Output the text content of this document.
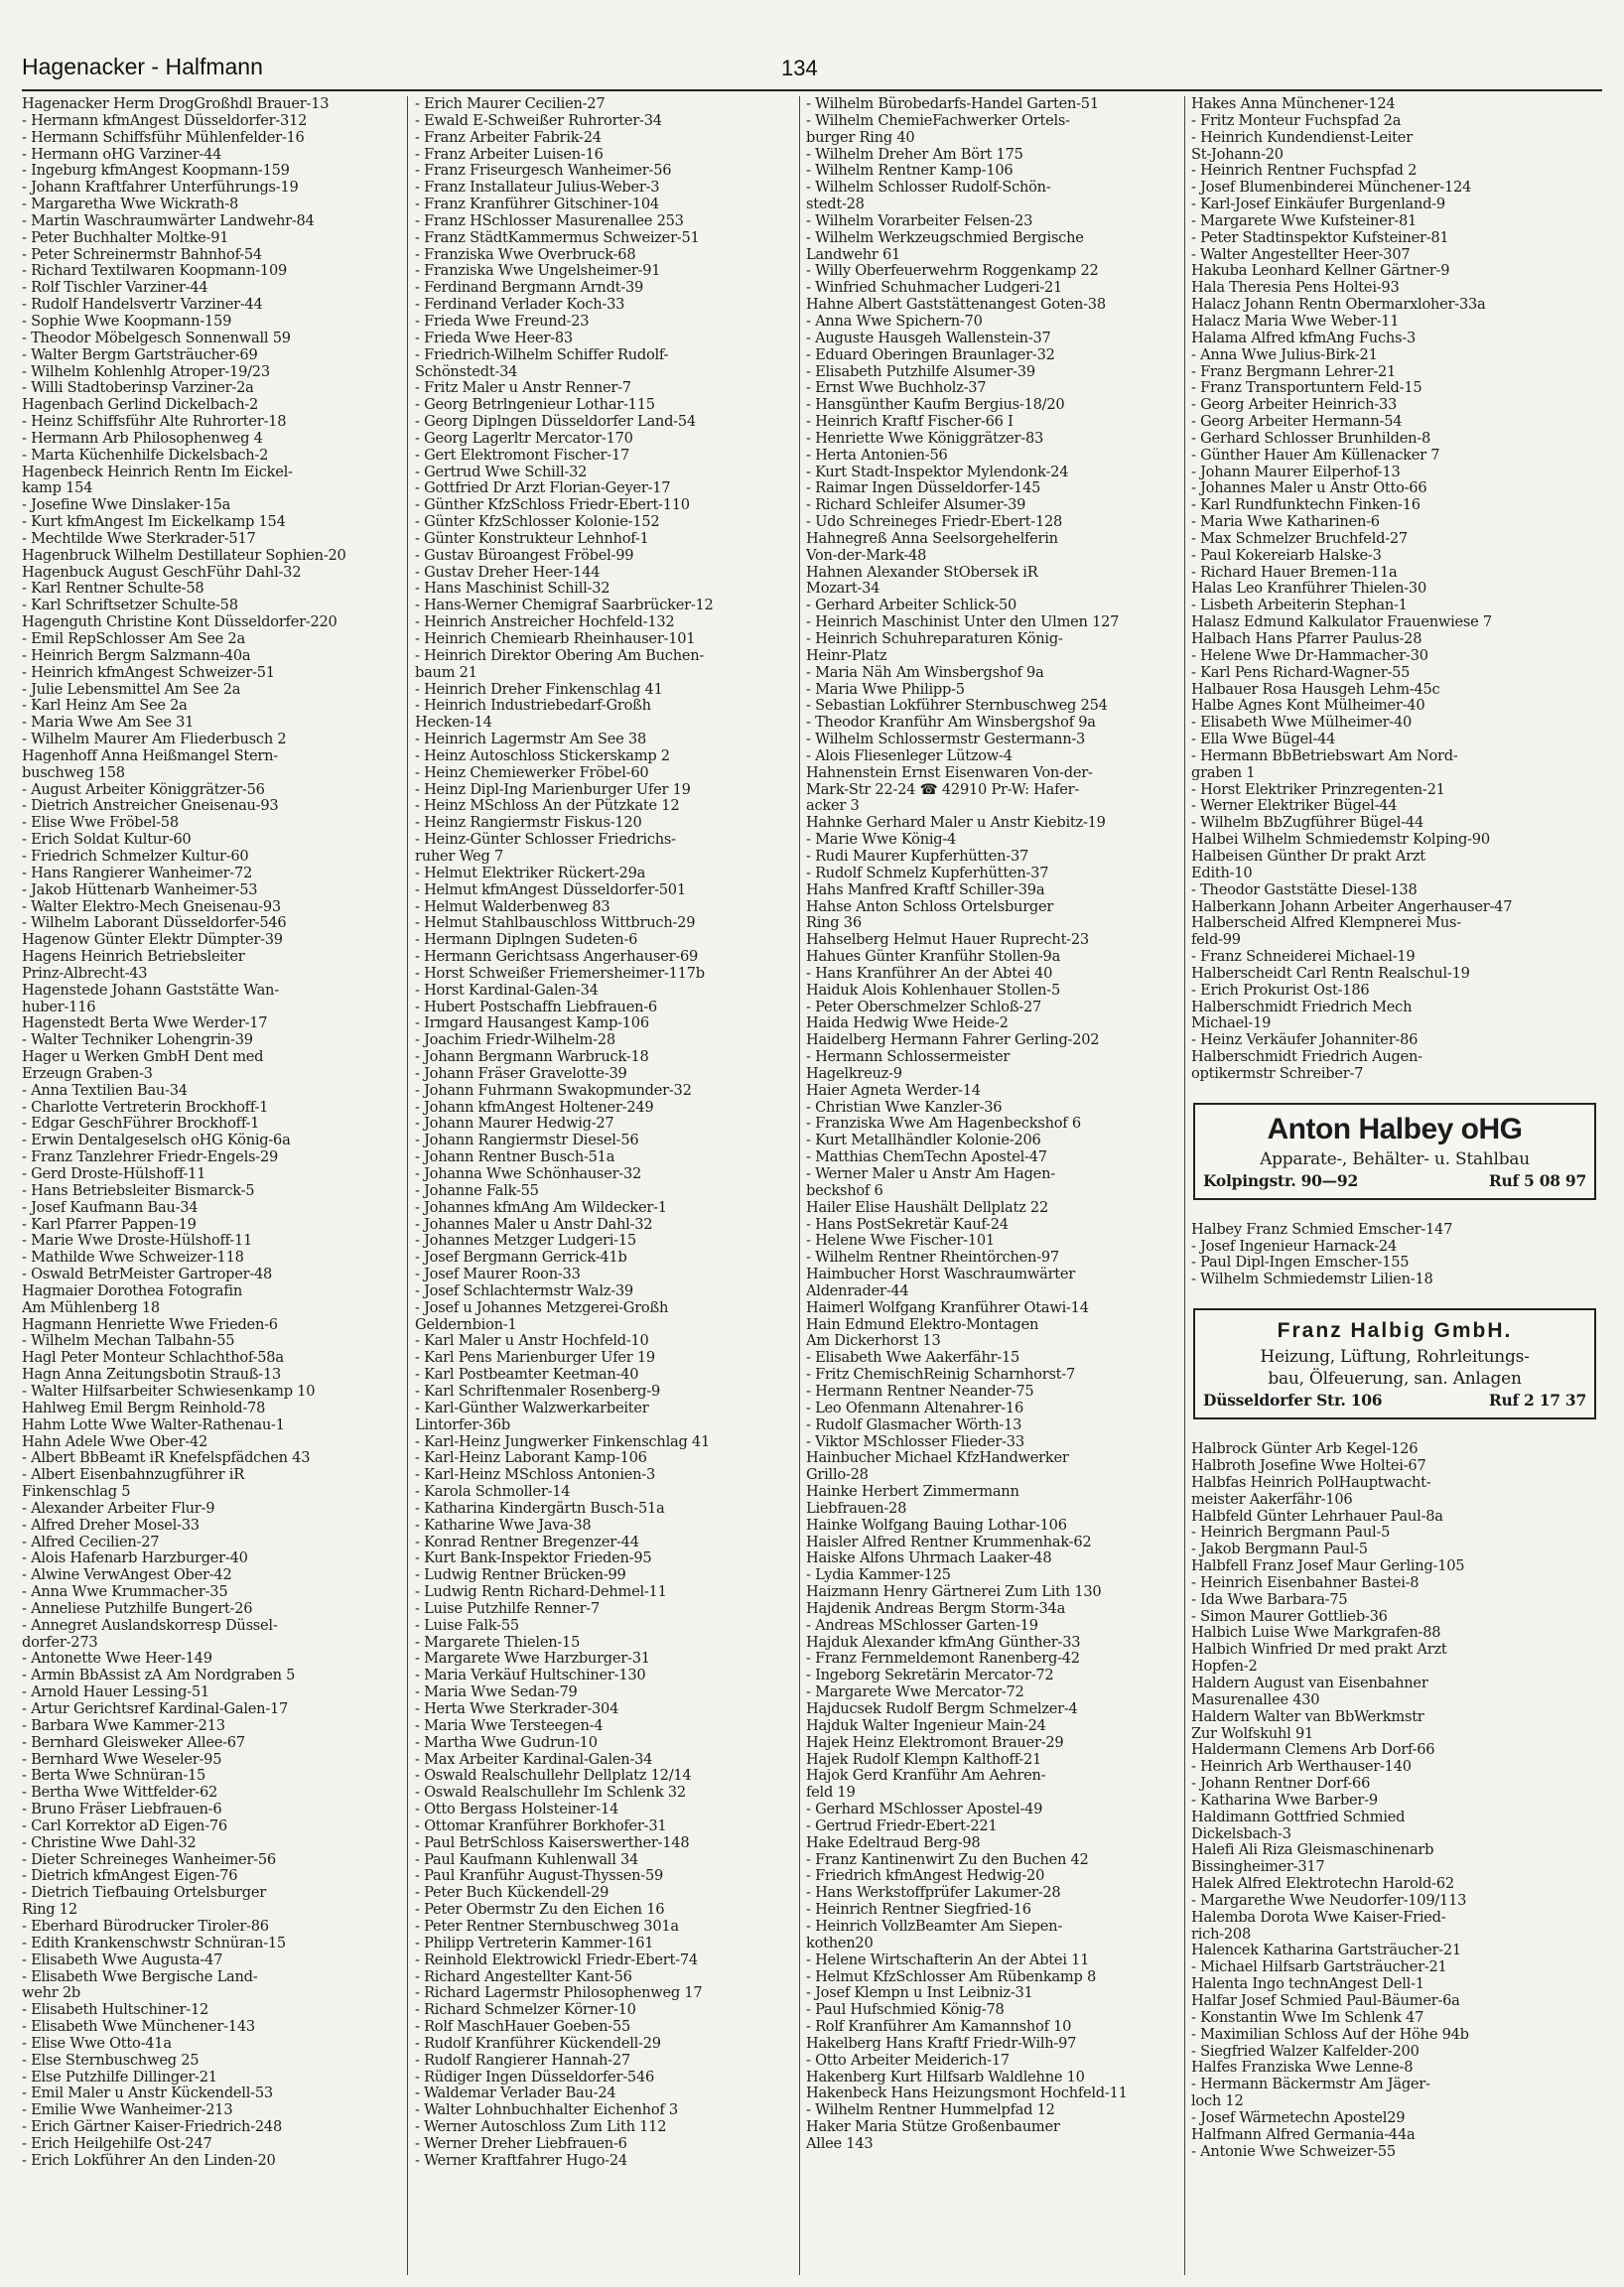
Hagenacker - Halfmann	134
Hagenacker Herm DrogGroßhdl Brauer-13
- Hermann kfmAngest Düsseldorfer-312
- Hermann Schiffsführ Mühlenfelder-16
- Hermann oHG Varziner-44
- Ingeburg kfmAngest Koopmann-159
- Johann Kraftfahrer Unterführungs-19
- Margaretha Wwe Wickrath-8
- Martin Waschraumwärter Landwehr-84
- Peter Buchhalter Moltke-91
- Peter Schreinermstr Bahnhof-54
- Richard Textilwaren Koopmann-109
- Rolf Tischler Varziner-44
- Rudolf Handelsvertr Varziner-44
- Sophie Wwe Koopmann-159
- Theodor Möbelgesch Sonnenwall 59
- Walter Bergm Gartsträucher-69
- Wilhelm Kohlenhlg Atroper-19/23
- Willi Stadtoberinsp Varziner-2a
Hagenbach Gerlind Dickelbach-2
- Heinz Schiffsführ Alte Ruhrorter-18
- Hermann Arb Philosophenweg 4
- Marta Küchenhilfe Dickelsbach-2
Hagenbeck Heinrich Rentn Im Eickel-
kamp 154
- Josefine Wwe Dinslaker-15a
- Kurt kfmAngest Im Eickelkamp 154
- Mechtilde Wwe Sterkrader-517
Hagenbruck Wilhelm Destillateur Sophien-20
Hagenbuck August GeschFühr Dahl-32
- Karl Rentner Schulte-58
- Karl Schriftsetzer Schulte-58
Hagenguth Christine Kont Düsseldorfer-220
- Emil RepSchlosser Am See 2a
- Heinrich Bergm Salzmann-40a
- Heinrich kfmAngest Schweizer-51
- Julie Lebensmittel Am See 2a
- Karl Heinz Am See 2a
- Maria Wwe Am See 31
- Wilhelm Maurer Am Fliederbusch 2
Hagenhoff Anna Heißmangel Stern-
buschweg 158
- August Arbeiter Königgrätzer-56
- Dietrich Anstreicher Gneisenau-93
- Elise Wwe Fröbel-58
- Erich Soldat Kultur-60
- Friedrich Schmelzer Kultur-60
- Hans Rangierer Wanheimer-72
- Jakob Hüttenarb Wanheimer-53
- Walter Elektro-Mech Gneisenau-93
- Wilhelm Laborant Düsseldorfer-546
Hagenow Günter Elektr Dümpter-39
Hagens Heinrich Betriebsleiter
Prinz-Albrecht-43
Hagenstede Johann Gaststätte Wan-
huber-116
Hagenstedt Berta Wwe Werder-17
- Walter Techniker Lohengrin-39
Hager u Werken GmbH Dent med
Erzeugn Graben-3
- Anna Textilien Bau-34
- Charlotte Vertreterin Brockhoff-1
- Edgar GeschFührer Brockhoff-1
- Erwin Dentalgeselsch oHG König-6a
- Franz Tanzlehrer Friedr-Engels-29
- Gerd Droste-Hülshoff-11
- Hans Betriebsleiter Bismarck-5
- Josef Kaufmann Bau-34
- Karl Pfarrer Pappen-19
- Marie Wwe Droste-Hülshoff-11
- Mathilde Wwe Schweizer-118
- Oswald BetrMeister Gartroper-48
Hagmaier Dorothea Fotografin
Am Mühlenberg 18
Hagmann Henriette Wwe Frieden-6
- Wilhelm Mechan Talbahn-55
Hagl Peter Monteur Schlachthof-58a
Hagn Anna Zeitungsbotin Strauß-13
- Walter Hilfsarbeiter Schwiesenkamp 10
Hahlweg Emil Bergm Reinhold-78
Hahm Lotte Wwe Walter-Rathenau-1
Hahn Adele Wwe Ober-42
- Albert BbBeamt iR Knefelspfädchen 43
- Albert Eisenbahnzugführer iR
Finkenschlag 5
- Alexander Arbeiter Flur-9
- Alfred Dreher Mosel-33
- Alfred Cecilien-27
- Alois Hafenarb Harzburger-40
- Alwine VerwAngest Ober-42
- Anna Wwe Krummacher-35
- Anneliese Putzhilfe Bungert-26
- Annegret Auslandskorresp Düssel-
dorfer-273
- Antonette Wwe Heer-149
- Armin BbAssist zA Am Nordgraben 5
- Arnold Hauer Lessing-51
- Artur Gerichtsref Kardinal-Galen-17
- Barbara Wwe Kammer-213
- Bernhard Gleisweker Allee-67
- Bernhard Wwe Weseler-95
- Berta Wwe Schnüran-15
- Bertha Wwe Wittfelder-62
- Bruno Fräser Liebfrauen-6
- Carl Korrektor aD Eigen-76
- Christine Wwe Dahl-32
- Dieter Schreineges Wanheimer-56
- Dietrich kfmAngest Eigen-76
- Dietrich Tiefbauing Ortelsburger
Ring 12
- Eberhard Bürodrucker Tiroler-86
- Edith Krankenschwstr Schnüran-15
- Elisabeth Wwe Augusta-47
- Elisabeth Wwe Bergische Land-
wehr 2b
- Elisabeth Hultschiner-12
- Elisabeth Wwe Münchener-143
- Elise Wwe Otto-41a
- Else Sternbuschweg 25
- Else Putzhilfe Dillinger-21
- Emil Maler u Anstr Kückendell-53
- Emilie Wwe Wanheimer-213
- Erich Gärtner Kaiser-Friedrich-248
- Erich Heilgehilfe Ost-247
- Erich Lokführer An den Linden-20
- Erich Maurer Cecilien-27
- Ewald E-Schweißer Ruhrorter-34
- Franz Arbeiter Fabrik-24
- Franz Arbeiter Luisen-16
- Franz Friseurgesch Wanheimer-56
- Franz Installateur Julius-Weber-3
- Franz Kranführer Gitschiner-104
- Franz HSchlosser Masurenallee 253
- Franz StädtKammermus Schweizer-51
- Franziska Wwe Overbruck-68
- Franziska Wwe Ungelsheimer-91
- Ferdinand Bergmann Arndt-39
- Ferdinand Verlader Koch-33
- Frieda Wwe Freund-23
- Frieda Wwe Heer-83
- Friedrich-Wilhelm Schiffer Rudolf-
Schönstedt-34
- Fritz Maler u Anstr Renner-7
- Georg Betrlngenieur Lothar-115
- Georg Diplngen Düsseldorfer Land-54
- Georg Lagerltr Mercator-170
- Gert Elektromont Fischer-17
- Gertrud Wwe Schill-32
- Gottfried Dr Arzt Florian-Geyer-17
- Günther KfzSchloss Friedr-Ebert-110
- Günter KfzSchlosser Kolonie-152
- Günter Konstrukteur Lehnhof-1
- Gustav Büroangest Fröbel-99
- Gustav Dreher Heer-144
- Hans Maschinist Schill-32
- Hans-Werner Chemigraf Saarbrücker-12
- Heinrich Anstreicher Hochfeld-132
- Heinrich Chemiearb Rheinhauser-101
- Heinrich Direktor Obering Am Buchen-
baum 21
- Heinrich Dreher Finkenschlag 41
- Heinrich Industriebedarf-Großh
Hecken-14
- Heinrich Lagermstr Am See 38
- Heinz Autoschloss Stickerskamp 2
- Heinz Chemiewerker Fröbel-60
- Heinz Dipl-Ing Marienburger Ufer 19
- Heinz MSchloss An der Pützkate 12
- Heinz Rangiermstr Fiskus-120
- Heinz-Günter Schlosser Friedrichs-
ruher Weg 7
- Helmut Elektriker Rückert-29a
- Helmut kfmAngest Düsseldorfer-501
- Helmut Walderbenweg 83
- Helmut Stahlbauschloss Wittbruch-29
- Hermann Diplngen Sudeten-6
- Hermann Gerichtsass Angerhauser-69
- Horst Schweißer Friemersheimer-117b
- Horst Kardinal-Galen-34
- Hubert Postschaffn Liebfrauen-6
- Irmgard Hausangest Kamp-106
- Joachim Friedr-Wilhelm-28
- Johann Bergmann Warbruck-18
- Johann Fräser Gravelotte-39
- Johann Fuhrmann Swakopmunder-32
- Johann kfmAngest Holtener-249
- Johann Maurer Hedwig-27
- Johann Rangiermstr Diesel-56
- Johann Rentner Busch-51a
- Johanna Wwe Schönhauser-32
- Johanne Falk-55
- Johannes kfmAng Am Wildecker-1
- Johannes Maler u Anstr Dahl-32
- Johannes Metzger Ludgeri-15
- Josef Bergmann Gerrick-41b
- Josef Maurer Roon-33
- Josef Schlachtermstr Walz-39
- Josef u Johannes Metzgerei-Großh
Geldernbion-1
- Karl Maler u Anstr Hochfeld-10
- Karl Pens Marienburger Ufer 19
- Karl Postbeamter Keetman-40
- Karl Schriftenmaler Rosenberg-9
- Karl-Günther Walzwerkarbeiter
Lintorfer-36b
- Karl-Heinz Jungwerker Finkenschlag 41
- Karl-Heinz Laborant Kamp-106
- Karl-Heinz MSchloss Antonien-3
- Karola Schmoller-14
- Katharina Kindergärtn Busch-51a
- Katharine Wwe Java-38
- Konrad Rentner Bregenzer-44
- Kurt Bank-Inspektor Frieden-95
- Ludwig Rentner Brücken-99
- Ludwig Rentn Richard-Dehmel-11
- Luise Putzhilfe Renner-7
- Luise Falk-55
- Margarete Thielen-15
- Margarete Wwe Harzburger-31
- Maria Verkäuf Hultschiner-130
- Maria Wwe Sedan-79
- Herta Wwe Sterkrader-304
- Maria Wwe Tersteegen-4
- Martha Wwe Gudrun-10
- Max Arbeiter Kardinal-Galen-34
- Oswald Realschullehr Dellplatz 12/14
- Oswald Realschullehr Im Schlenk 32
- Otto Bergass Holsteiner-14
- Ottomar Kranführer Borkhofer-31
- Paul BetrSchloss Kaiserswerther-148
- Paul Kaufmann Kuhlenwall 34
- Paul Kranführ August-Thyssen-59
- Peter Buch Kückendell-29
- Peter Obermstr Zu den Eichen 16
- Peter Rentner Sternbuschweg 301a
- Philipp Vertreterin Kammer-161
- Reinhold Elektrowickl Friedr-Ebert-74
- Richard Angestellter Kant-56
- Richard Lagermstr Philosophenweg 17
- Richard Schmelzer Körner-10
- Rolf MaschHauer Goeben-55
- Rudolf Kranführer Kückendell-29
- Rudolf Rangierer Hannah-27
- Rüdiger Ingen Düsseldorfer-546
- Waldemar Verlader Bau-24
- Walter Lohnbuchhalter Eichenhof 3
- Werner Autoschloss Zum Lith 112
- Werner Dreher Liebfrauen-6
- Werner Kraftfahrer Hugo-24
- Wilhelm Bürobedarfs-Handel Garten-51
- Wilhelm ChemieFachwerker Ortels-
burger Ring 40
- Wilhelm Dreher Am Bört 175
- Wilhelm Rentner Kamp-106
- Wilhelm Schlosser Rudolf-Schön-
stedt-28
- Wilhelm Vorarbeiter Felsen-23
- Wilhelm Werkzeugschmied Bergische
Landwehr 61
- Willy Oberfeuerwehrm Roggenkamp 22
- Winfried Schuhmacher Ludgeri-21
Hahne Albert Gaststättenangest Goten-38
- Anna Wwe Spichern-70
- Auguste Hausgeh Wallenstein-37
- Eduard Oberingen Braunlager-32
- Elisabeth Putzhilfe Alsumer-39
- Ernst Wwe Buchholz-37
- Hansgünther Kaufm Bergius-18/20
- Heinrich Kraftf Fischer-66 I
- Henriette Wwe Königgrätzer-83
- Herta Antonien-56
- Kurt Stadt-Inspektor Mylendonk-24
- Raimar Ingen Düsseldorfer-145
- Richard Schleifer Alsumer-39
- Udo Schreineges Friedr-Ebert-128
Hahnegreß Anna Seelsorgehelferin
Von-der-Mark-48
Hahnen Alexander StObersek iR
Mozart-34
- Gerhard Arbeiter Schlick-50
- Heinrich Maschinist Unter den Ulmen 127
- Heinrich Schuhreparaturen König-
Heinr-Platz
- Maria Näh Am Winsbergshof 9a
- Maria Wwe Philipp-5
- Sebastian Lokführer Sternbuschweg 254
- Theodor Kranführ Am Winsbergshof 9a
- Wilhelm Schlossermstr Gestermann-3
- Alois Fliesenleger Lützow-4
Hahnenstein Ernst Eisenwaren Von-der-
Mark-Str 22-24 ☎ 42910 Pr-W: Hafer-
acker 3
Hahnke Gerhard Maler u Anstr Kiebitz-19
- Marie Wwe König-4
- Rudi Maurer Kupferhütten-37
- Rudolf Schmelz Kupferhütten-37
Hahs Manfred Kraftf Schiller-39a
Hahse Anton Schloss Ortelsburger
Ring 36
Hahselberg Helmut Hauer Ruprecht-23
Hahues Günter Kranführ Stollen-9a
- Hans Kranführer An der Abtei 40
Haiduk Alois Kohlenhauer Stollen-5
- Peter Oberschmelzer Schloß-27
Haida Hedwig Wwe Heide-2
Haidelberg Hermann Fahrer Gerling-202
- Hermann Schlossermeister
Hagelkreuz-9
Haier Agneta Werder-14
- Christian Wwe Kanzler-36
- Franziska Wwe Am Hagenbeckshof 6
- Kurt Metallhändler Kolonie-206
- Matthias ChemTechn Apostel-47
- Werner Maler u Anstr Am Hagen-
beckshof 6
Hailer Elise Haushält Dellplatz 22
- Hans PostSekretär Kauf-24
- Helene Wwe Fischer-101
- Wilhelm Rentner Rheintörchen-97
Haimbucher Horst Waschraumwärter
Aldenrader-44
Haimerl Wolfgang Kranführer Otawi-14
Hain Edmund Elektro-Montagen
Am Dickerhorst 13
- Elisabeth Wwe Aakerfähr-15
- Fritz ChemischReinig Scharnhorst-7
- Hermann Rentner Neander-75
- Leo Ofenmann Altenahrer-16
- Rudolf Glasmacher Wörth-13
- Viktor MSchlosser Flieder-33
Hainbucher Michael KfzHandwerker
Grillo-28
Hainke Herbert Zimmermann
Liebfrauen-28
Hainke Wolfgang Bauing Lothar-106
Haisler Alfred Rentner Krummenhak-62
Haiske Alfons Uhrmach Laaker-48
- Lydia Kammer-125
Haizmann Henry Gärtnerei Zum Lith 130
Hajdenik Andreas Bergm Storm-34a
- Andreas MSchlosser Garten-19
Hajduk Alexander kfmAng Günther-33
- Franz Fernmeldemont Ranenberg-42
- Ingeborg Sekretärin Mercator-72
- Margarete Wwe Mercator-72
Hajducsek Rudolf Bergm Schmelzer-4
Hajduk Walter Ingenieur Main-24
Hajek Heinz Elektromont Brauer-29
Hajek Rudolf Klempn Kalthoff-21
Hajok Gerd Kranführ Am Aehren-
feld 19
- Gerhard MSchlosser Apostel-49
- Gertrud Friedr-Ebert-221
Hake Edeltraud Berg-98
- Franz Kantinenwirt Zu den Buchen 42
- Friedrich kfmAngest Hedwig-20
- Hans Werkstoffprüfer Lakumer-28
- Heinrich Rentner Siegfried-16
- Heinrich VollzBeamter Am Siepen-
kothen20
- Helene Wirtschafterin An der Abtei 11
- Helmut KfzSchlosser Am Rübenkamp 8
- Josef Klempn u Inst Leibniz-31
- Paul Hufschmied König-78
- Rolf Kranführer Am Kamannshof 10
Hakelberg Hans Kraftf Friedr-Wilh-97
- Otto Arbeiter Meiderich-17
Hakenberg Kurt Hilfsarb Waldlehne 10
Hakenbeck Hans Heizungsmont Hochfeld-11
- Wilhelm Rentner Hummelpfad 12
Haker Maria Stütze Großenbaumer
Allee 143
Hakes Anna Münchener-124
- Fritz Monteur Fuchspfad 2a
- Heinrich Kundendienst-Leiter
St-Johann-20
- Heinrich Rentner Fuchspfad 2
- Josef Blumenbinderei Münchener-124
- Karl-Josef Einkäufer Burgenland-9
- Margarete Wwe Kufsteiner-81
- Peter Stadtinspektor Kufsteiner-81
- Walter Angestellter Heer-307
Hakuba Leonhard Kellner Gärtner-9
Hala Theresia Pens Holtei-93
Halacz Johann Rentn Obermarxloher-33a
Halacz Maria Wwe Weber-11
Halama Alfred kfmAng Fuchs-3
- Anna Wwe Julius-Birk-21
- Franz Bergmann Lehrer-21
- Franz Transportuntern Feld-15
- Georg Arbeiter Heinrich-33
- Georg Arbeiter Hermann-54
- Gerhard Schlosser Brunhilden-8
- Günther Hauer Am Küllenacker 7
- Johann Maurer Eilperhof-13
- Johannes Maler u Anstr Otto-66
- Karl Rundfunktechn Finken-16
- Maria Wwe Katharinen-6
- Max Schmelzer Bruchfeld-27
- Paul Kokereiarb Halske-3
- Richard Hauer Bremen-11a
Halas Leo Kranführer Thielen-30
- Lisbeth Arbeiterin Stephan-1
Halasz Edmund Kalkulator Frauenwiese 7
Halbach Hans Pfarrer Paulus-28
- Helene Wwe Dr-Hammacher-30
- Karl Pens Richard-Wagner-55
Halbauer Rosa Hausgeh Lehm-45c
Halbe Agnes Kont Mülheimer-40
- Elisabeth Wwe Mülheimer-40
- Ella Wwe Bügel-44
- Hermann BbBetriebswart Am Nord-
graben 1
- Horst Elektriker Prinzregenten-21
- Werner Elektriker Bügel-44
- Wilhelm BbZugführer Bügel-44
Halbei Wilhelm Schmiedemstr Kolping-90
Halbeisen Günther Dr prakt Arzt
Edith-10
- Theodor Gaststätte Diesel-138
Halberkann Johann Arbeiter Angerhauser-47
Halberscheid Alfred Klempnerei Mus-
feld-99
- Franz Schneiderei Michael-19
Halberscheidt Carl Rentn Realschul-19
- Erich Prokurist Ost-186
Halberschmidt Friedrich Mech
Michael-19
- Heinz Verkäufer Johanniter-86
Halberschmidt Friedrich Augen-
optikermstr Schreiber-7
Anton Halbey oHG
Apparate-, Behälter- u. Stahlbau
Kolpingstr. 90—92	Ruf 5 08 97
Halbey Franz Schmied Emscher-147
- Josef Ingenieur Harnack-24
- Paul Dipl-Ingen Emscher-155
- Wilhelm Schmiedemstr Lilien-18
Franz Halbig GmbH.
Heizung, Lüftung, Rohrleitungs-
bau, Ölfeuerung, san. Anlagen
Düsseldorfer Str. 106	Ruf 2 17 37
Halbrock Günter Arb Kegel-126
Halbroth Josefine Wwe Holtei-67
Halbfas Heinrich PolHauptwacht-
meister Aakerfähr-106
Halbfeld Günter Lehrhauer Paul-8a
- Heinrich Bergmann Paul-5
- Jakob Bergmann Paul-5
Halbfell Franz Josef Maur Gerling-105
- Heinrich Eisenbahner Bastei-8
- Ida Wwe Barbara-75
- Simon Maurer Gottlieb-36
Halbich Luise Wwe Markgrafen-88
Halbich Winfried Dr med prakt Arzt
Hopfen-2
Haldern August van Eisenbahner
Masurenallee 430
Haldern Walter van BbWerkmstr
Zur Wolfskuhl 91
Haldermann Clemens Arb Dorf-66
- Heinrich Arb Werthauser-140
- Johann Rentner Dorf-66
- Katharina Wwe Barber-9
Haldimann Gottfried Schmied
Dickelsbach-3
Halefi Ali Riza Gleismaschinenarb
Bissingheimer-317
Halek Alfred Elektrotechn Harold-62
- Margarethe Wwe Neudorfer-109/113
Halemba Dorota Wwe Kaiser-Fried-
rich-208
Halencek Katharina Gartsträucher-21
- Michael Hilfsarb Gartsträucher-21
Halenta Ingo technAngest Dell-1
Halfar Josef Schmied Paul-Bäumer-6a
- Konstantin Wwe Im Schlenk 47
- Maximilian Schloss Auf der Höhe 94b
- Siegfried Walzer Kalfelder-200
Halfes Franziska Wwe Lenne-8
- Hermann Bäckermstr Am Jäger-
loch 12
- Josef Wärmetechn Apostel29
Halfmann Alfred Germania-44a
- Antonie Wwe Schweizer-55
